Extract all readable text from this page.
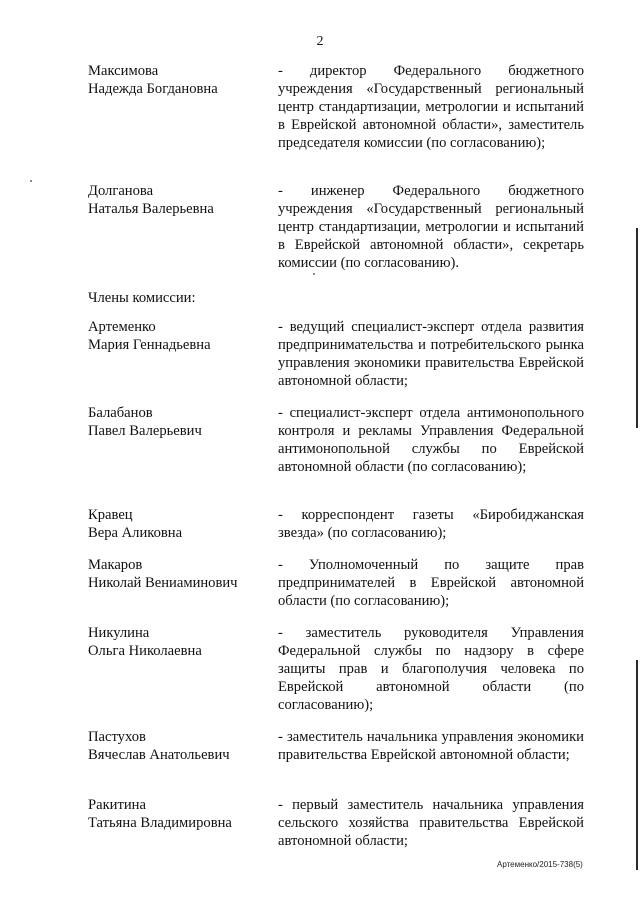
2
Максимова
Надежда Богдановна
- директор Федерального бюджетного учреждения «Государственный региональный центр стандартизации, метрологии и испытаний в Еврейской автономной области», заместитель председателя комиссии (по согласованию);
Долганова
Наталья Валерьевна
- инженер Федерального бюджетного учреждения «Государственный региональный центр стандартизации, метрологии и испытаний в Еврейской автономной области», секретарь комиссии (по согласованию).
Члены комиссии:
Артеменко
Мария Геннадьевна
- ведущий специалист-эксперт отдела развития предпринимательства и потребительского рынка управления экономики правительства Еврейской автономной области;
Балабанов
Павел Валерьевич
- специалист-эксперт отдела антимонопольного контроля и рекламы Управления Федеральной антимонопольной службы по Еврейской автономной области (по согласованию);
Кравец
Вера Аликовна
- корреспондент газеты «Биробиджанская звезда» (по согласованию);
Макаров
Николай Вениаминович
- Уполномоченный по защите прав предпринимателей в Еврейской автономной области (по согласованию);
Никулина
Ольга Николаевна
- заместитель руководителя Управления Федеральной службы по надзору в сфере защиты прав и благополучия человека по Еврейской автономной области (по согласованию);
Пастухов
Вячеслав Анатольевич
- заместитель начальника управления экономики правительства Еврейской автономной области;
Ракитина
Татьяна Владимировна
- первый заместитель начальника управления сельского хозяйства правительства Еврейской автономной области;
Артеменко/2015-738(5)
